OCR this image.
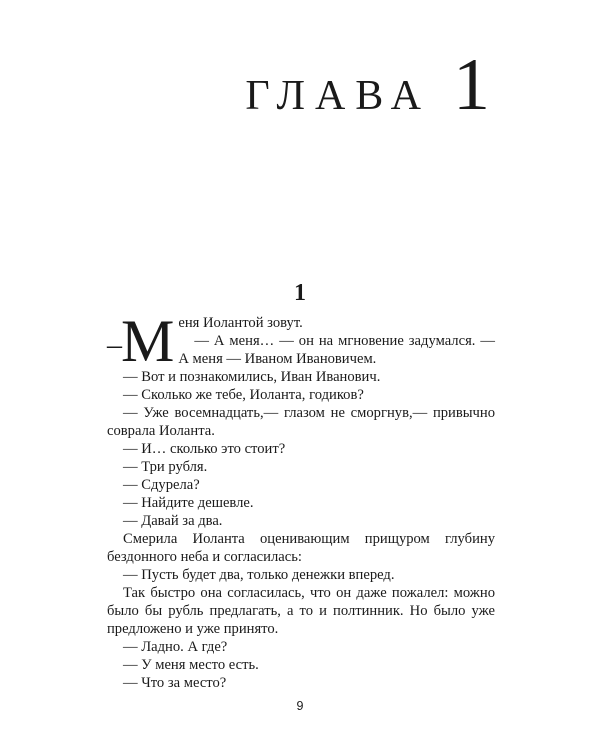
ГЛАВА 1
1
– М еня Иолантой зовут.

— А меня… — он на мгновение задумался. — А меня — Иваном Ивановичем.

— Вот и познакомились, Иван Иванович.

— Сколько же тебе, Иоланта, годиков?

— Уже восемнадцать,— глазом не сморгнув,— привычно соврала Иоланта.

— И… сколько это стоит?

— Три рубля.

— Сдурела?

— Найдите дешевле.

— Давай за два.

Смерила Иоланта оценивающим прищуром глубину бездонного неба и согласилась:

— Пусть будет два, только денежки вперед.

Так быстро она согласилась, что он даже пожалел: можно было бы рубль предлагать, а то и полтинник. Но было уже предложено и уже принято.

— Ладно. А где?

— У меня место есть.

— Что за место?

9
